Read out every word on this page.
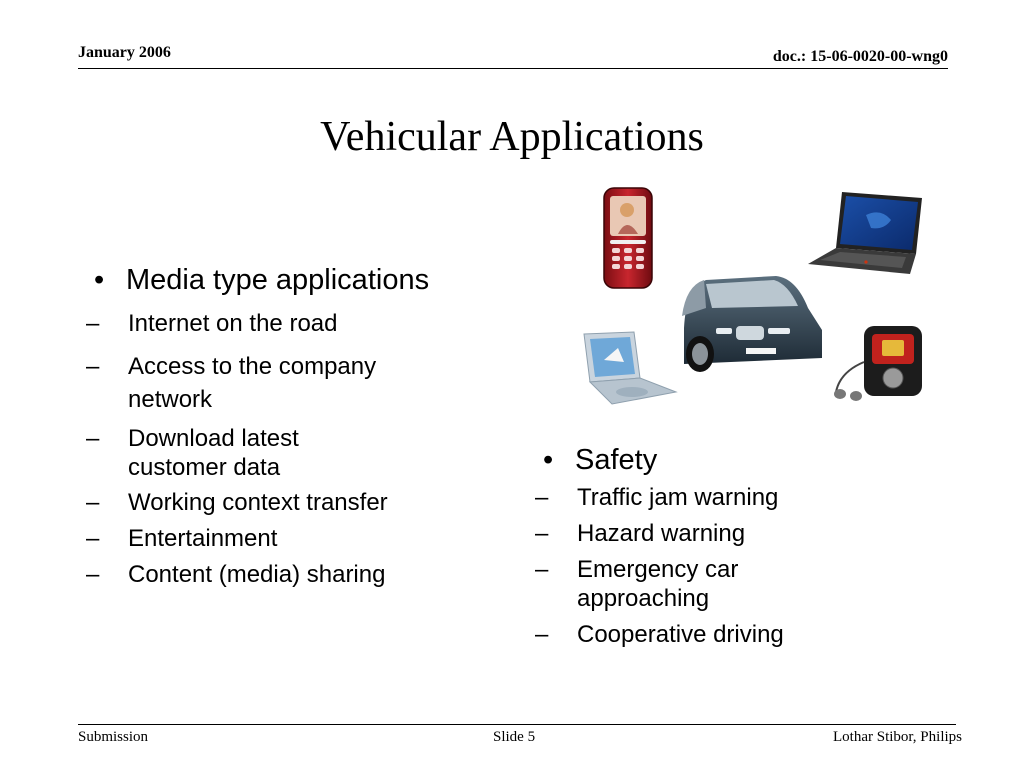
January 2006	doc.: 15-06-0020-00-wng0
Vehicular Applications
• Media type applications
– Internet on the road
– Access to the company network
– Download latest customer data
– Working context transfer
– Entertainment
– Content (media) sharing
• Safety
– Traffic jam warning
– Hazard warning
– Emergency car approaching
– Cooperative driving
Submission	Slide 5	Lothar Stibor, Philips
